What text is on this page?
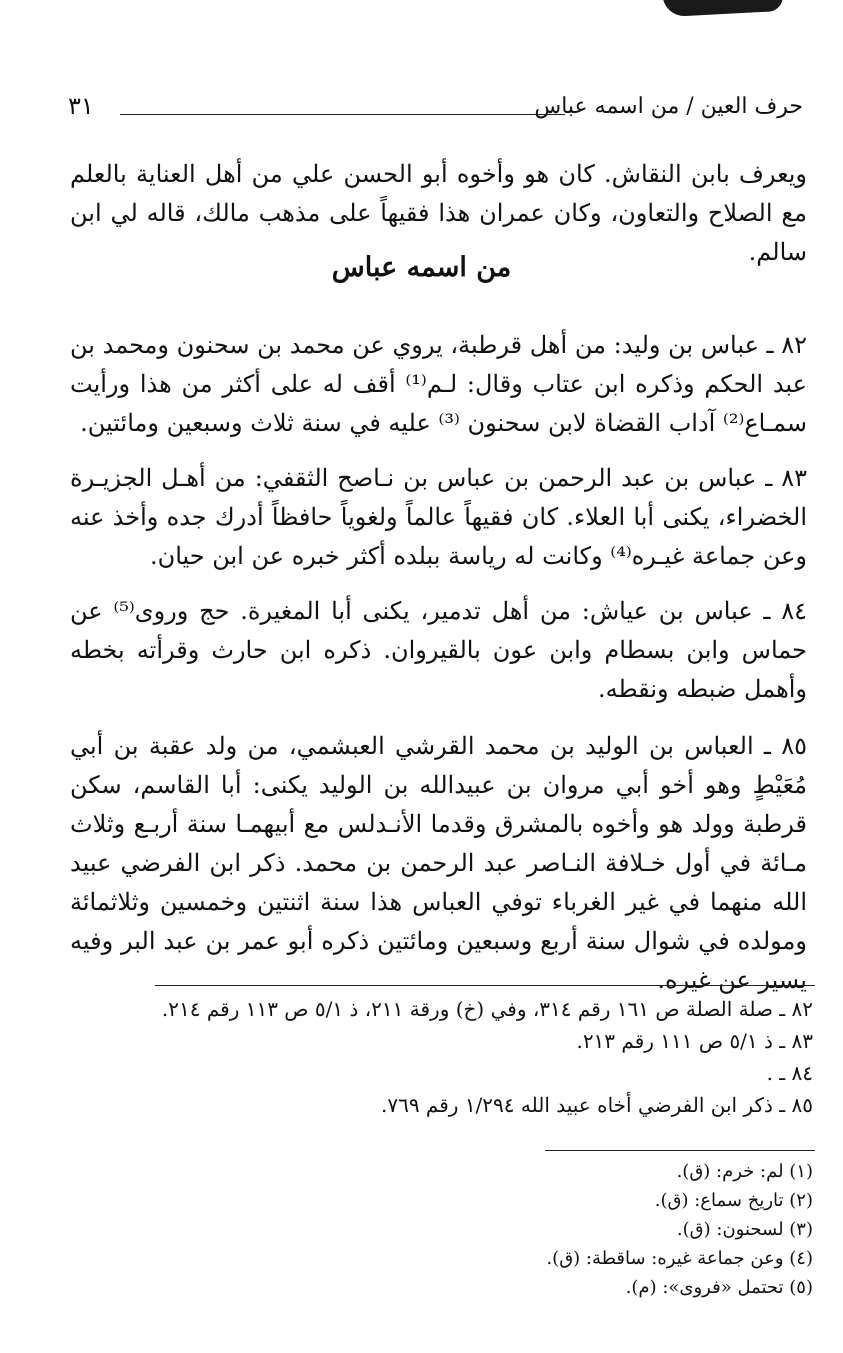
حرف العين / من اسمه عباس
٣١

ويعرف بابن النقاش. كان هو وأخوه أبو الحسن علي من أهل العناية بالعلم مع الصلاح والتعاون، وكان عمران هذا فقيهاً على مذهب مالك، قاله لي ابن سالم.

من اسمه عباس

٨٢ ـ عباس بن وليد: من أهل قرطبة، يروي عن محمد بن سحنون ومحمد بن عبد الحكم وذكره ابن عتاب وقال: لـم⁽¹⁾ أقف له على أكثر من هذا ورأيت سمـاع⁽²⁾ آداب القضاة لابن سحنون ⁽³⁾ عليه في سنة ثلاث وسبعين ومائتين.

٨٣ ـ عباس بن عبد الرحمن بن عباس بن نـاصح الثقفي: من أهـل الجزيـرة الخضراء، يكنى أبا العلاء. كان فقيهاً عالماً ولغوياً حافظاً أدرك جده وأخذ عنه وعن جماعة غيـره⁽⁴⁾ وكانت له رياسة ببلده أكثر خبره عن ابن حيان.

٨٤ ـ عباس بن عياش: من أهل تدمير، يكنى أبا المغيرة. حج وروى⁽⁵⁾ عن حماس وابن بسطام وابن عون بالقيروان. ذكره ابن حارث وقرأته بخطه وأهمل ضبطه ونقطه.

٨٥ ـ العباس بن الوليد بن محمد القرشي العبشمي، من ولد عقبة بن أبي مُعَيْطٍ وهو أخو أبي مروان بن عبيدالله بن الوليد يكنى: أبا القاسم، سكن قرطبة وولد هو وأخوه بالمشرق وقدما الأنـدلس مع أبيهمـا سنة أربـع وثلاث مـائة في أول خـلافة النـاصر عبد الرحمن بن محمد. ذكر ابن الفرضي عبيد الله منهما في غير الغرباء توفي العباس هذا سنة اثنتين وخمسين وثلاثمائة ومولده في شوال سنة أربع وسبعين ومائتين ذكره أبو عمر بن عبد البر وفيه يسير عن غيره.

٨٢ ـ صلة الصلة ص ١٦١ رقم ٣١٤، وفي (خ) ورقة ٢١١، ذ ٥/١ ص ١١٣ رقم ٢١٤.
٨٣ ـ ذ ٥/١ ص ١١١ رقم ٢١٣.
٨٤ ـ .
٨٥ ـ ذكر ابن الفرضي أخاه عبيد الله ١/٢٩٤ رقم ٧٦٩.
(١) لم: خرم: (ق).
(٢) تاريخ سماع: (ق).
(٣) لسحنون: (ق).
(٤) وعن جماعة غيره: ساقطة: (ق).
(٥) تحتمل «فروى»: (م).
